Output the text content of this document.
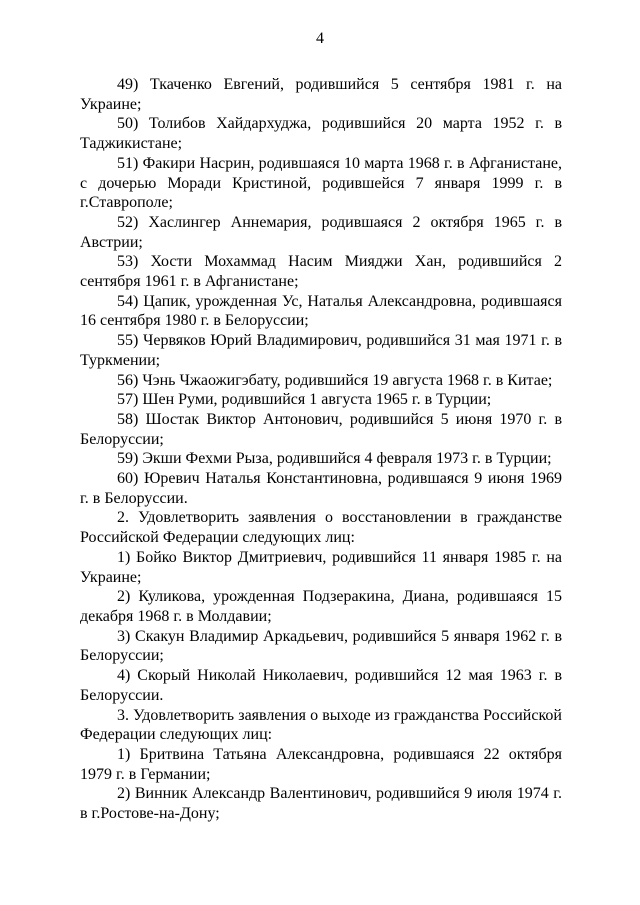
4

49) Ткаченко Евгений, родившийся 5 сентября 1981 г. на Украине;

50) Толибов Хайдархуджа, родившийся 20 марта 1952 г. в Таджикистане;

51) Факири Насрин, родившаяся 10 марта 1968 г. в Афганистане, с дочерью Моради Кристиной, родившейся 7 января 1999 г. в г.Ставрополе;

52) Хаслингер Аннемария, родившаяся 2 октября 1965 г. в Австрии;

53) Хости Мохаммад Насим Мияджи Хан, родившийся 2 сентября 1961 г. в Афганистане;

54) Цапик, урожденная Ус, Наталья Александровна, родившаяся 16 сентября 1980 г. в Белоруссии;

55) Червяков Юрий Владимирович, родившийся 31 мая 1971 г. в Туркмении;

56) Чэнь Чжаожигэбату, родившийся 19 августа 1968 г. в Китае;

57) Шен Руми, родившийся 1 августа 1965 г. в Турции;

58) Шостак Виктор Антонович, родившийся 5 июня 1970 г. в Белоруссии;

59) Экши Фехми Рыза, родившийся 4 февраля 1973 г. в Турции;

60) Юревич Наталья Константиновна, родившаяся 9 июня 1969 г. в Белоруссии.

2. Удовлетворить заявления о восстановлении в гражданстве Российской Федерации следующих лиц:

1) Бойко Виктор Дмитриевич, родившийся 11 января 1985 г. на Украине;

2) Куликова, урожденная Подзеракина, Диана, родившаяся 15 декабря 1968 г. в Молдавии;

3) Скакун Владимир Аркадьевич, родившийся 5 января 1962 г. в Белоруссии;

4) Скорый Николай Николаевич, родившийся 12 мая 1963 г. в Белоруссии.

3. Удовлетворить заявления о выходе из гражданства Российской Федерации следующих лиц:

1) Бритвина Татьяна Александровна, родившаяся 22 октября 1979 г. в Германии;

2) Винник Александр Валентинович, родившийся 9 июля 1974 г. в г.Ростове-на-Дону;
